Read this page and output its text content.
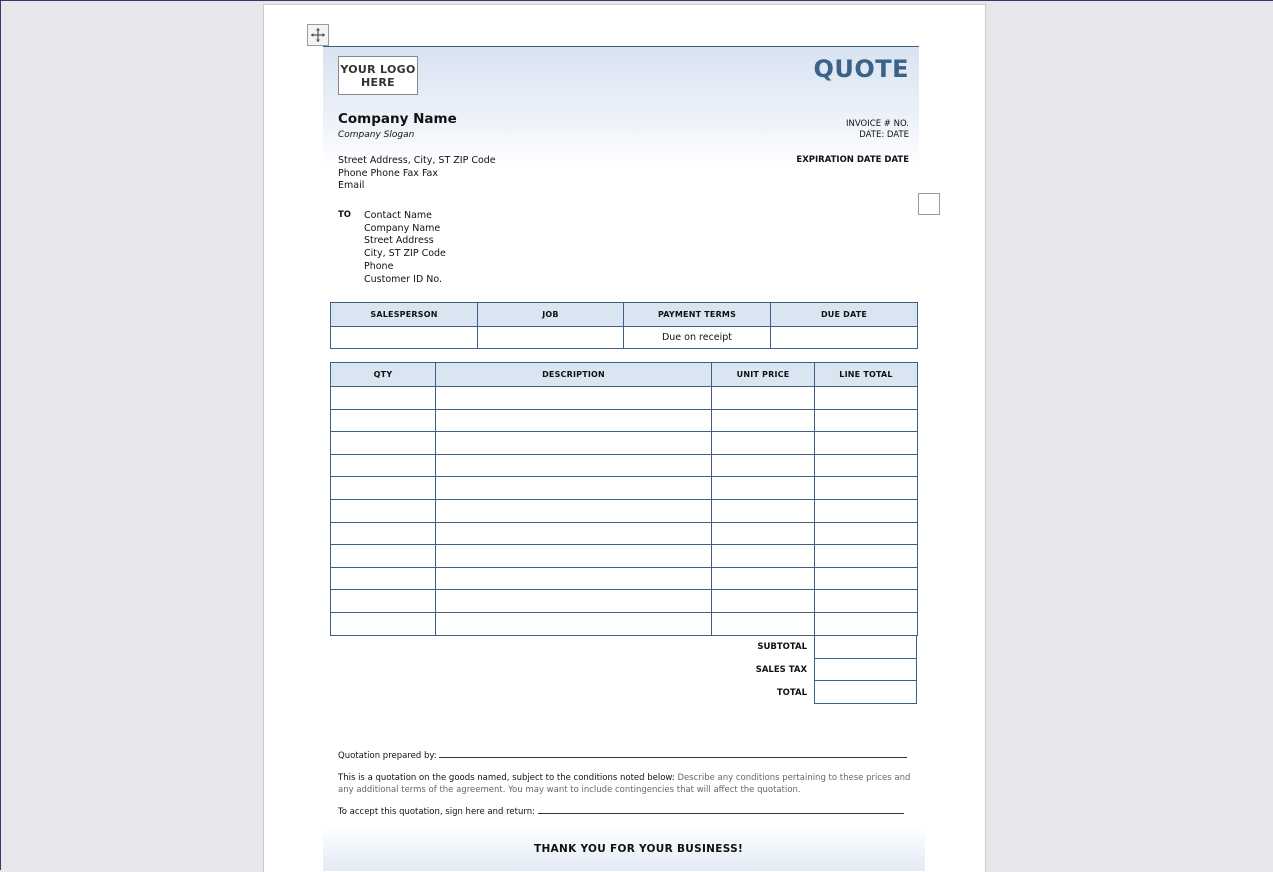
YOUR LOGO HERE	QUOTE
Company Name
Company Slogan
Street Address, City, ST ZIP Code
Phone Phone Fax Fax
Email
INVOICE # NO.
DATE: DATE
EXPIRATION DATE DATE
TO Contact Name
Company Name
Street Address
City, ST ZIP Code
Phone
Customer ID No.
SALESPERSON	JOB	PAYMENT TERMS	DUE DATE
		Due on receipt	
QTY	DESCRIPTION	UNIT PRICE	LINE TOTAL

SUBTOTAL
SALES TAX
TOTAL

Quotation prepared by:
This is a quotation on the goods named, subject to the conditions noted below: Describe any conditions pertaining to these prices and
any additional terms of the agreement. You may want to include contingencies that will affect the quotation.
To accept this quotation, sign here and return:
THANK YOU FOR YOUR BUSINESS!
